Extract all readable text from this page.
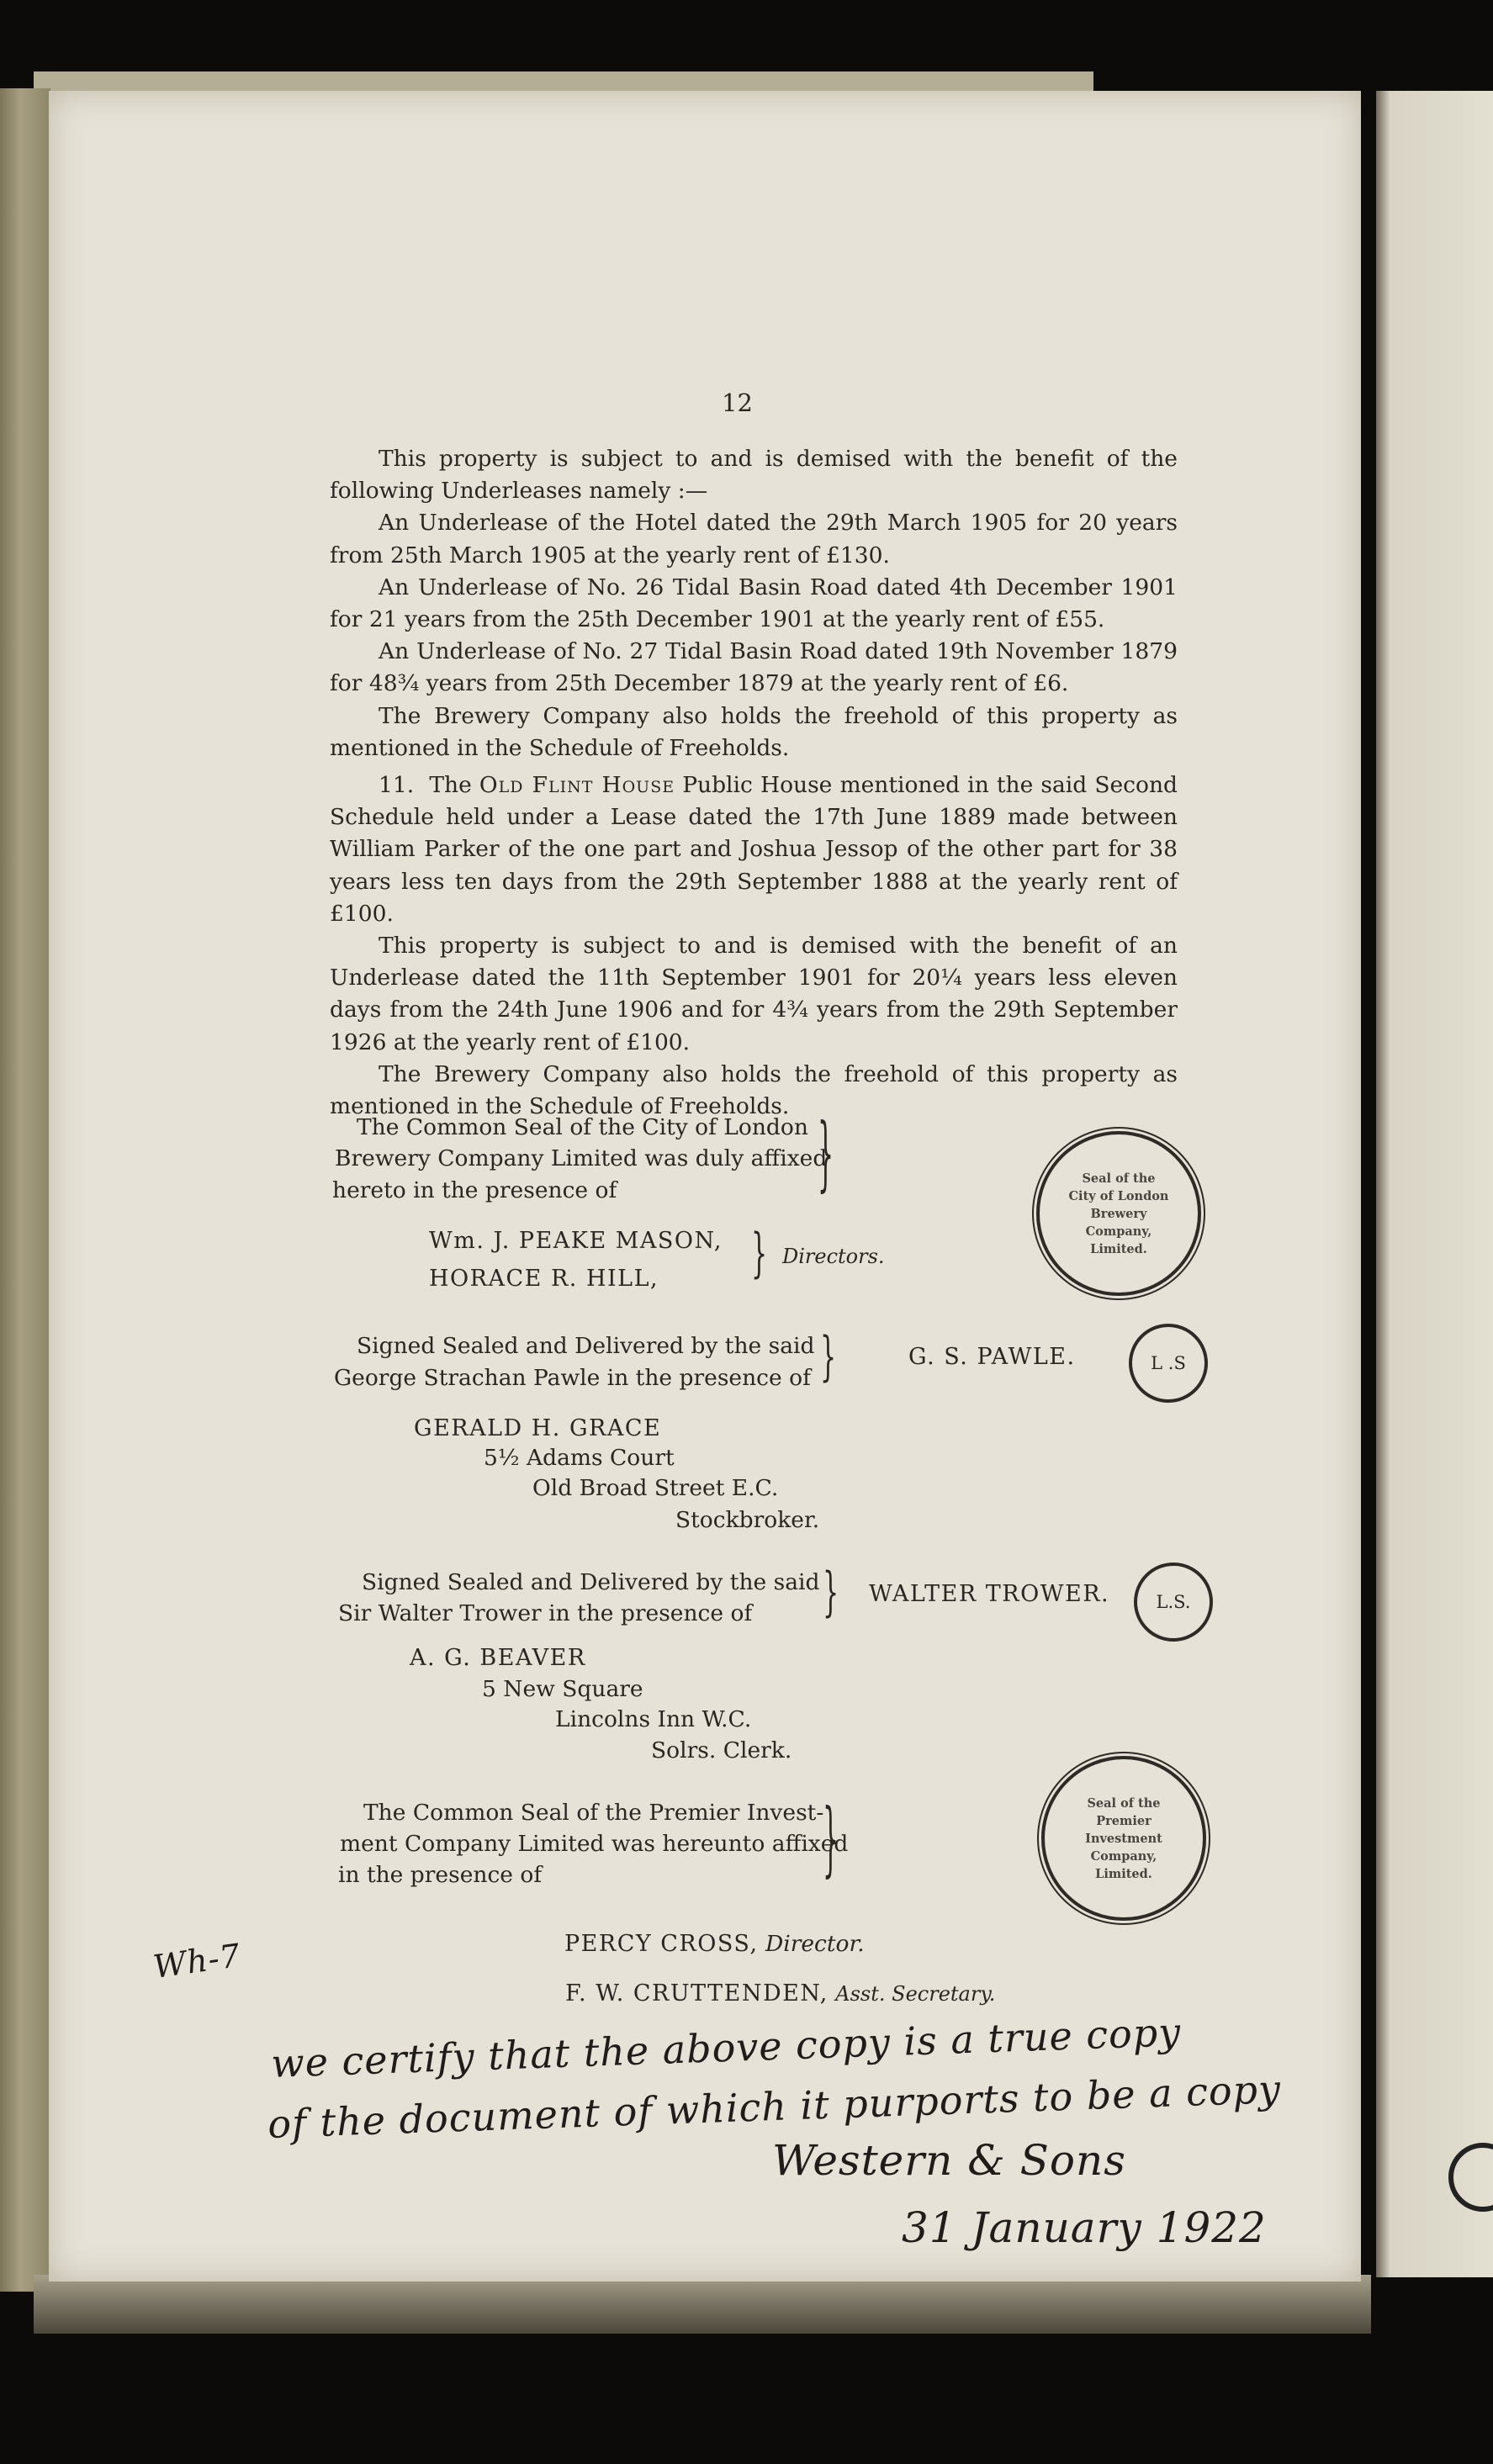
12

This property is subject to and is demised with the benefit of the following Underleases namely :—

An Underlease of the Hotel dated the 29th March 1905 for 20 years from 25th March 1905 at the yearly rent of £130.

An Underlease of No. 26 Tidal Basin Road dated 4th December 1901 for 21 years from the 25th December 1901 at the yearly rent of £55.

An Underlease of No. 27 Tidal Basin Road dated 19th November 1879 for 48¾ years from 25th December 1879 at the yearly rent of £6.

The Brewery Company also holds the freehold of this property as mentioned in the Schedule of Freeholds.

11.  The Old Flint House Public House mentioned in the said Second Schedule held under a Lease dated the 17th June 1889 made between William Parker of the one part and Joshua Jessop of the other part for 38 years less ten days from the 29th September 1888 at the yearly rent of £100.

This property is subject to and is demised with the benefit of an Underlease dated the 11th September 1901 for 20¼ years less eleven days from the 24th June 1906 and for 4¾ years from the 29th September 1926 at the yearly rent of £100.

The Brewery Company also holds the freehold of this property as mentioned in the Schedule of Freeholds.

The Common Seal of the City of London
Brewery Company Limited was duly affixed
hereto in the presence of	}
Wm. J. PEAKE MASON,
HORACE R. HILL,	} Directors.
Seal of the City of London Brewery Company, Limited.
Signed Sealed and Delivered by the said
George Strachan Pawle in the presence of }	G. S. PAWLE.	L .S
GERALD H. GRACE
5½ Adams Court
Old Broad Street E.C.
Stockbroker.
Signed Sealed and Delivered by the said
Sir Walter Trower in the presence of	} WALTER TROWER.	L.S.
A. G. BEAVER
5 New Square
Lincolns Inn W.C.
Solrs. Clerk.
The Common Seal of the Premier Invest-
ment Company Limited was hereunto affixed
in the presence of	}	Seal of the Premier Investment Company, Limited.
PERCY CROSS, Director.
F. W. CRUTTENDEN, Asst. Secretary.
Wh-7
we certify that the above copy is a true copy
of the document of which it purports to be a copy
Western & Sons
31 January 1922
